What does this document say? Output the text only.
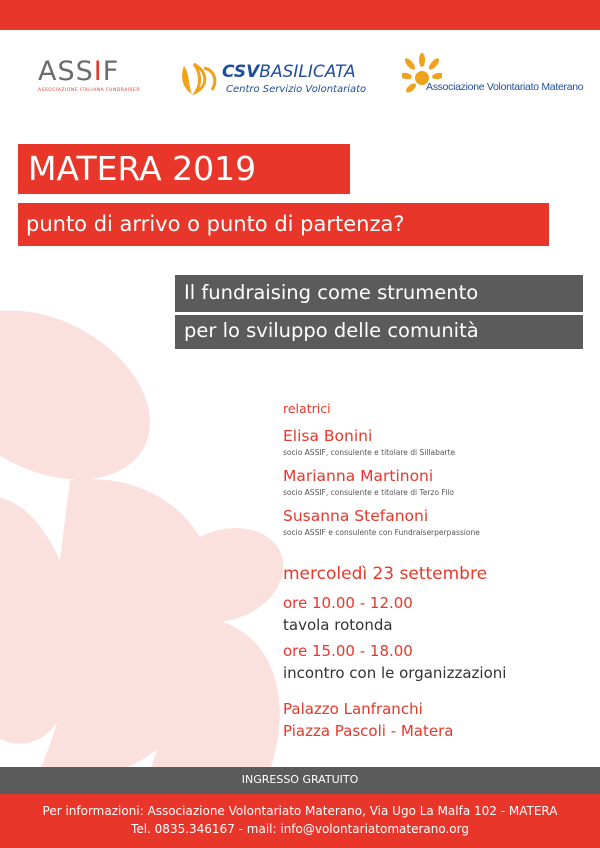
ASSIF
ASSOCIAZIONE ITALIANA FUNDRAISER
CSVBASILICATA
Centro Servizio Volontariato	Associazione Volontariato Materano
MATERA 2019
punto di arrivo o punto di partenza?
Il fundraising come strumento
per lo sviluppo delle comunità
relatrici
Elisa Bonini
socio ASSIF, consulente e titolare di Sillabarte
Marianna Martinoni
socio ASSIF, consulente e titolare di Terzo Filo
Susanna Stefanoni
socio ASSIF e consulente con Fundraiserperpassione
mercoledì 23 settembre
ore 10.00 - 12.00
tavola rotonda
ore 15.00 - 18.00
incontro con le organizzazioni
Palazzo Lanfranchi
Piazza Pascoli - Matera
INGRESSO GRATUITO
Per informazioni: Associazione Volontariato Materano, Via Ugo La Malfa 102 - MATERA
Tel. 0835.346167 - mail: info@volontariatomaterano.org
